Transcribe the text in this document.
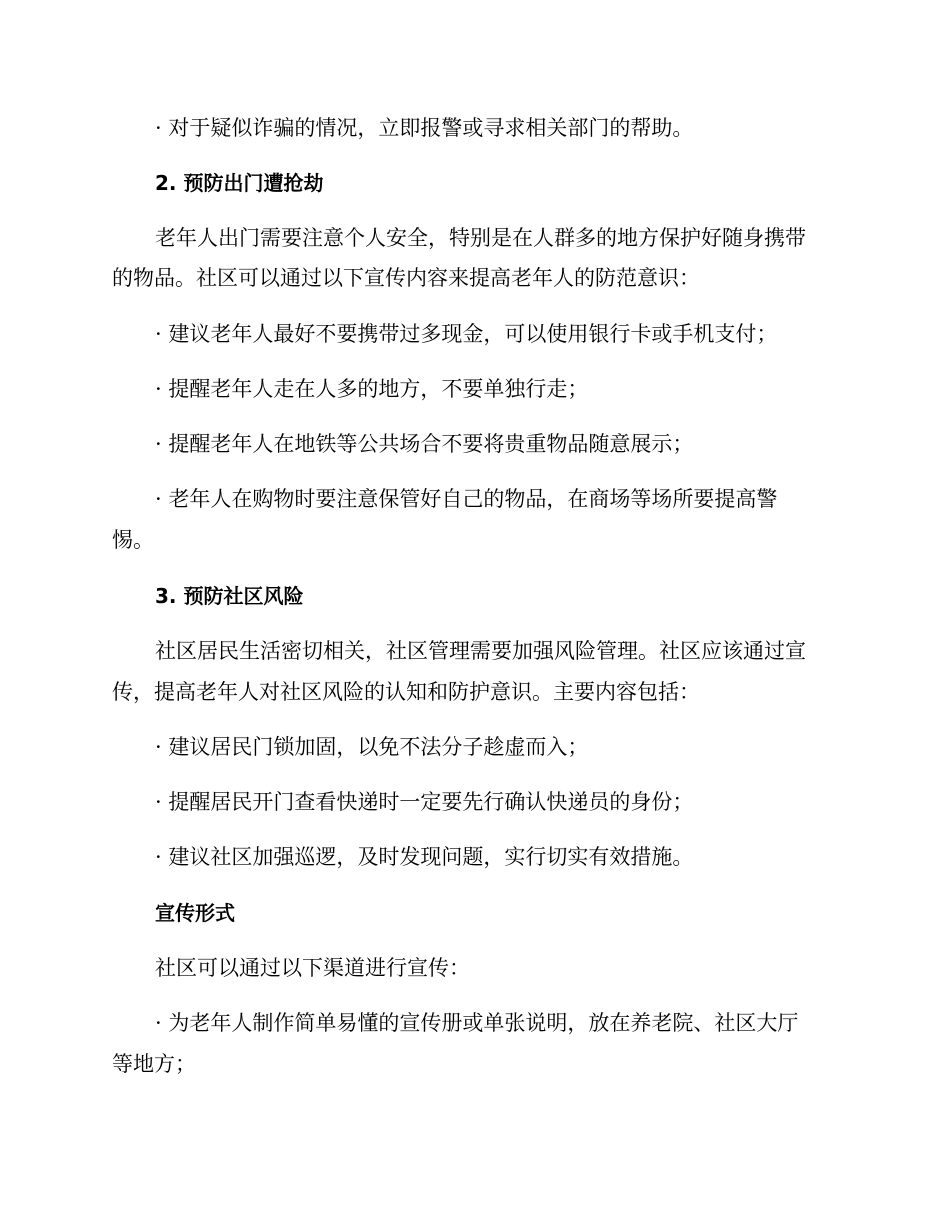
· 对于疑似诈骗的情况，立即报警或寻求相关部门的帮助。
2. 预防出门遭抢劫
老年人出门需要注意个人安全，特别是在人群多的地方保护好随身携带
的物品。社区可以通过以下宣传内容来提高老年人的防范意识：
· 建议老年人最好不要携带过多现金，可以使用银行卡或手机支付；
· 提醒老年人走在人多的地方，不要单独行走；
· 提醒老年人在地铁等公共场合不要将贵重物品随意展示；
· 老年人在购物时要注意保管好自己的物品，在商场等场所要提高警
惕。
3. 预防社区风险
社区居民生活密切相关，社区管理需要加强风险管理。社区应该通过宣
传，提高老年人对社区风险的认知和防护意识。主要内容包括：
· 建议居民门锁加固，以免不法分子趁虚而入；
· 提醒居民开门查看快递时一定要先行确认快递员的身份；
· 建议社区加强巡逻，及时发现问题，实行切实有效措施。
宣传形式
社区可以通过以下渠道进行宣传：
· 为老年人制作简单易懂的宣传册或单张说明，放在养老院、社区大厅
等地方；
